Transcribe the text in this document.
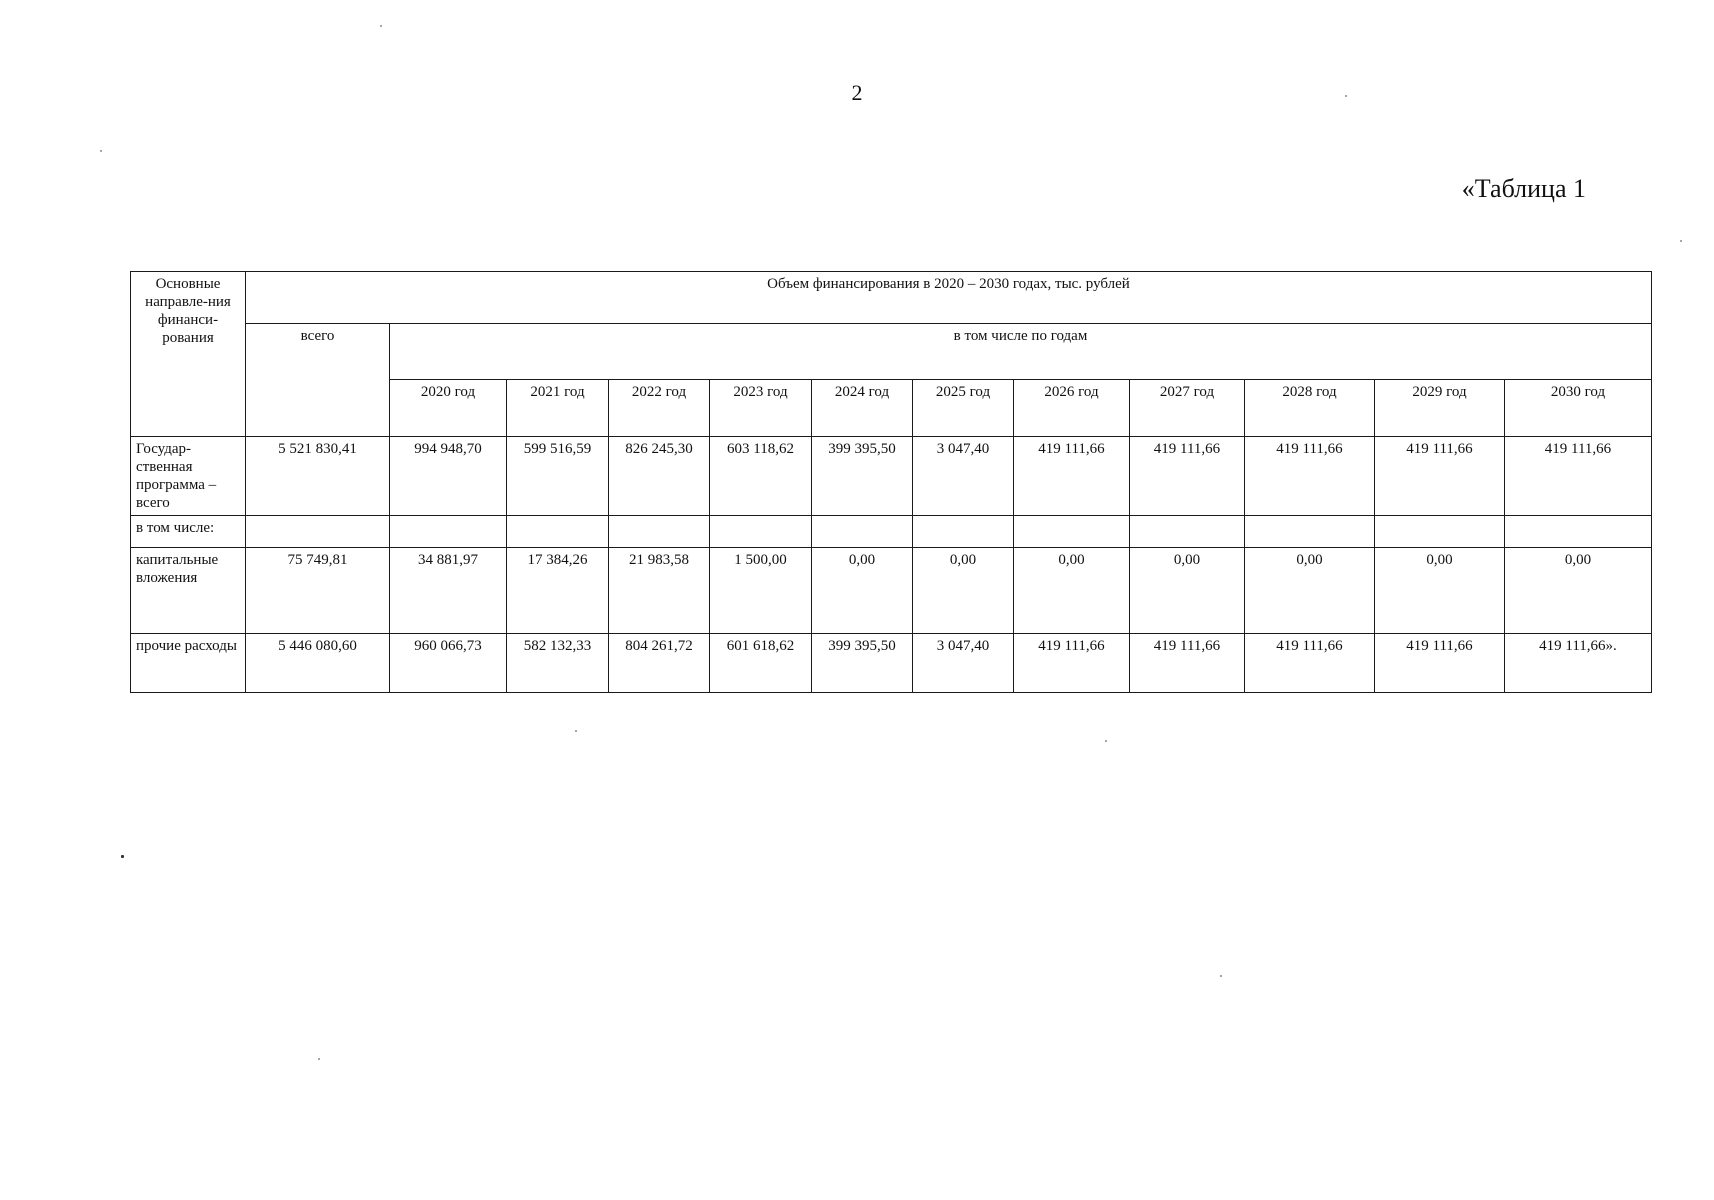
2
«Таблица 1
Основные направле-ния финанси-рования	Объем финансирования в 2020 – 2030 годах, тыс. рублей											
	всего	в том числе по годам										
		2020 год	2021 год	2022 год	2023 год	2024 год	2025 год	2026 год	2027 год	2028 год	2029 год	2030 год
Государ-ственная программа – всего	5 521 830,41	994 948,70	599 516,59	826 245,30	603 118,62	399 395,50	3 047,40	419 111,66	419 111,66	419 111,66	419 111,66	419 111,66
в том числе:												
капитальные вложения	75 749,81	34 881,97	17 384,26	21 983,58	1 500,00	0,00	0,00	0,00	0,00	0,00	0,00	0,00
прочие расходы	5 446 080,60	960 066,73	582 132,33	804 261,72	601 618,62	399 395,50	3 047,40	419 111,66	419 111,66	419 111,66	419 111,66	419 111,66».
